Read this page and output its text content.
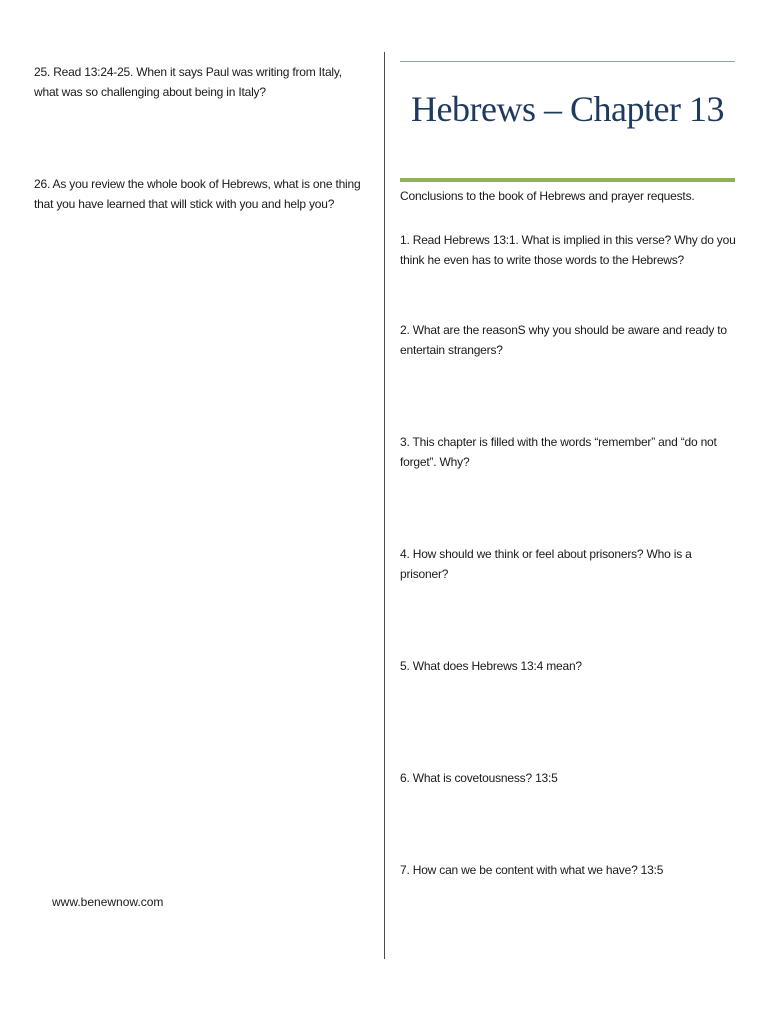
25. Read 13:24-25. When it says Paul was writing from Italy, what was so challenging about being in Italy?

26. As you review the whole book of Hebrews, what is one thing that you have learned that will stick with you and help you?

www.benewnow.com
Hebrews – Chapter 13

Conclusions to the book of Hebrews and prayer requests.

1. Read Hebrews 13:1. What is implied in this verse? Why do you think he even has to write those words to the Hebrews?

2. What are the reasonS why you should be aware and ready to entertain strangers?

3. This chapter is filled with the words “remember” and “do not forget”. Why?

4. How should we think or feel about prisoners? Who is a prisoner?

5. What does Hebrews 13:4 mean?

6. What is covetousness? 13:5

7. How can we be content with what we have? 13:5
